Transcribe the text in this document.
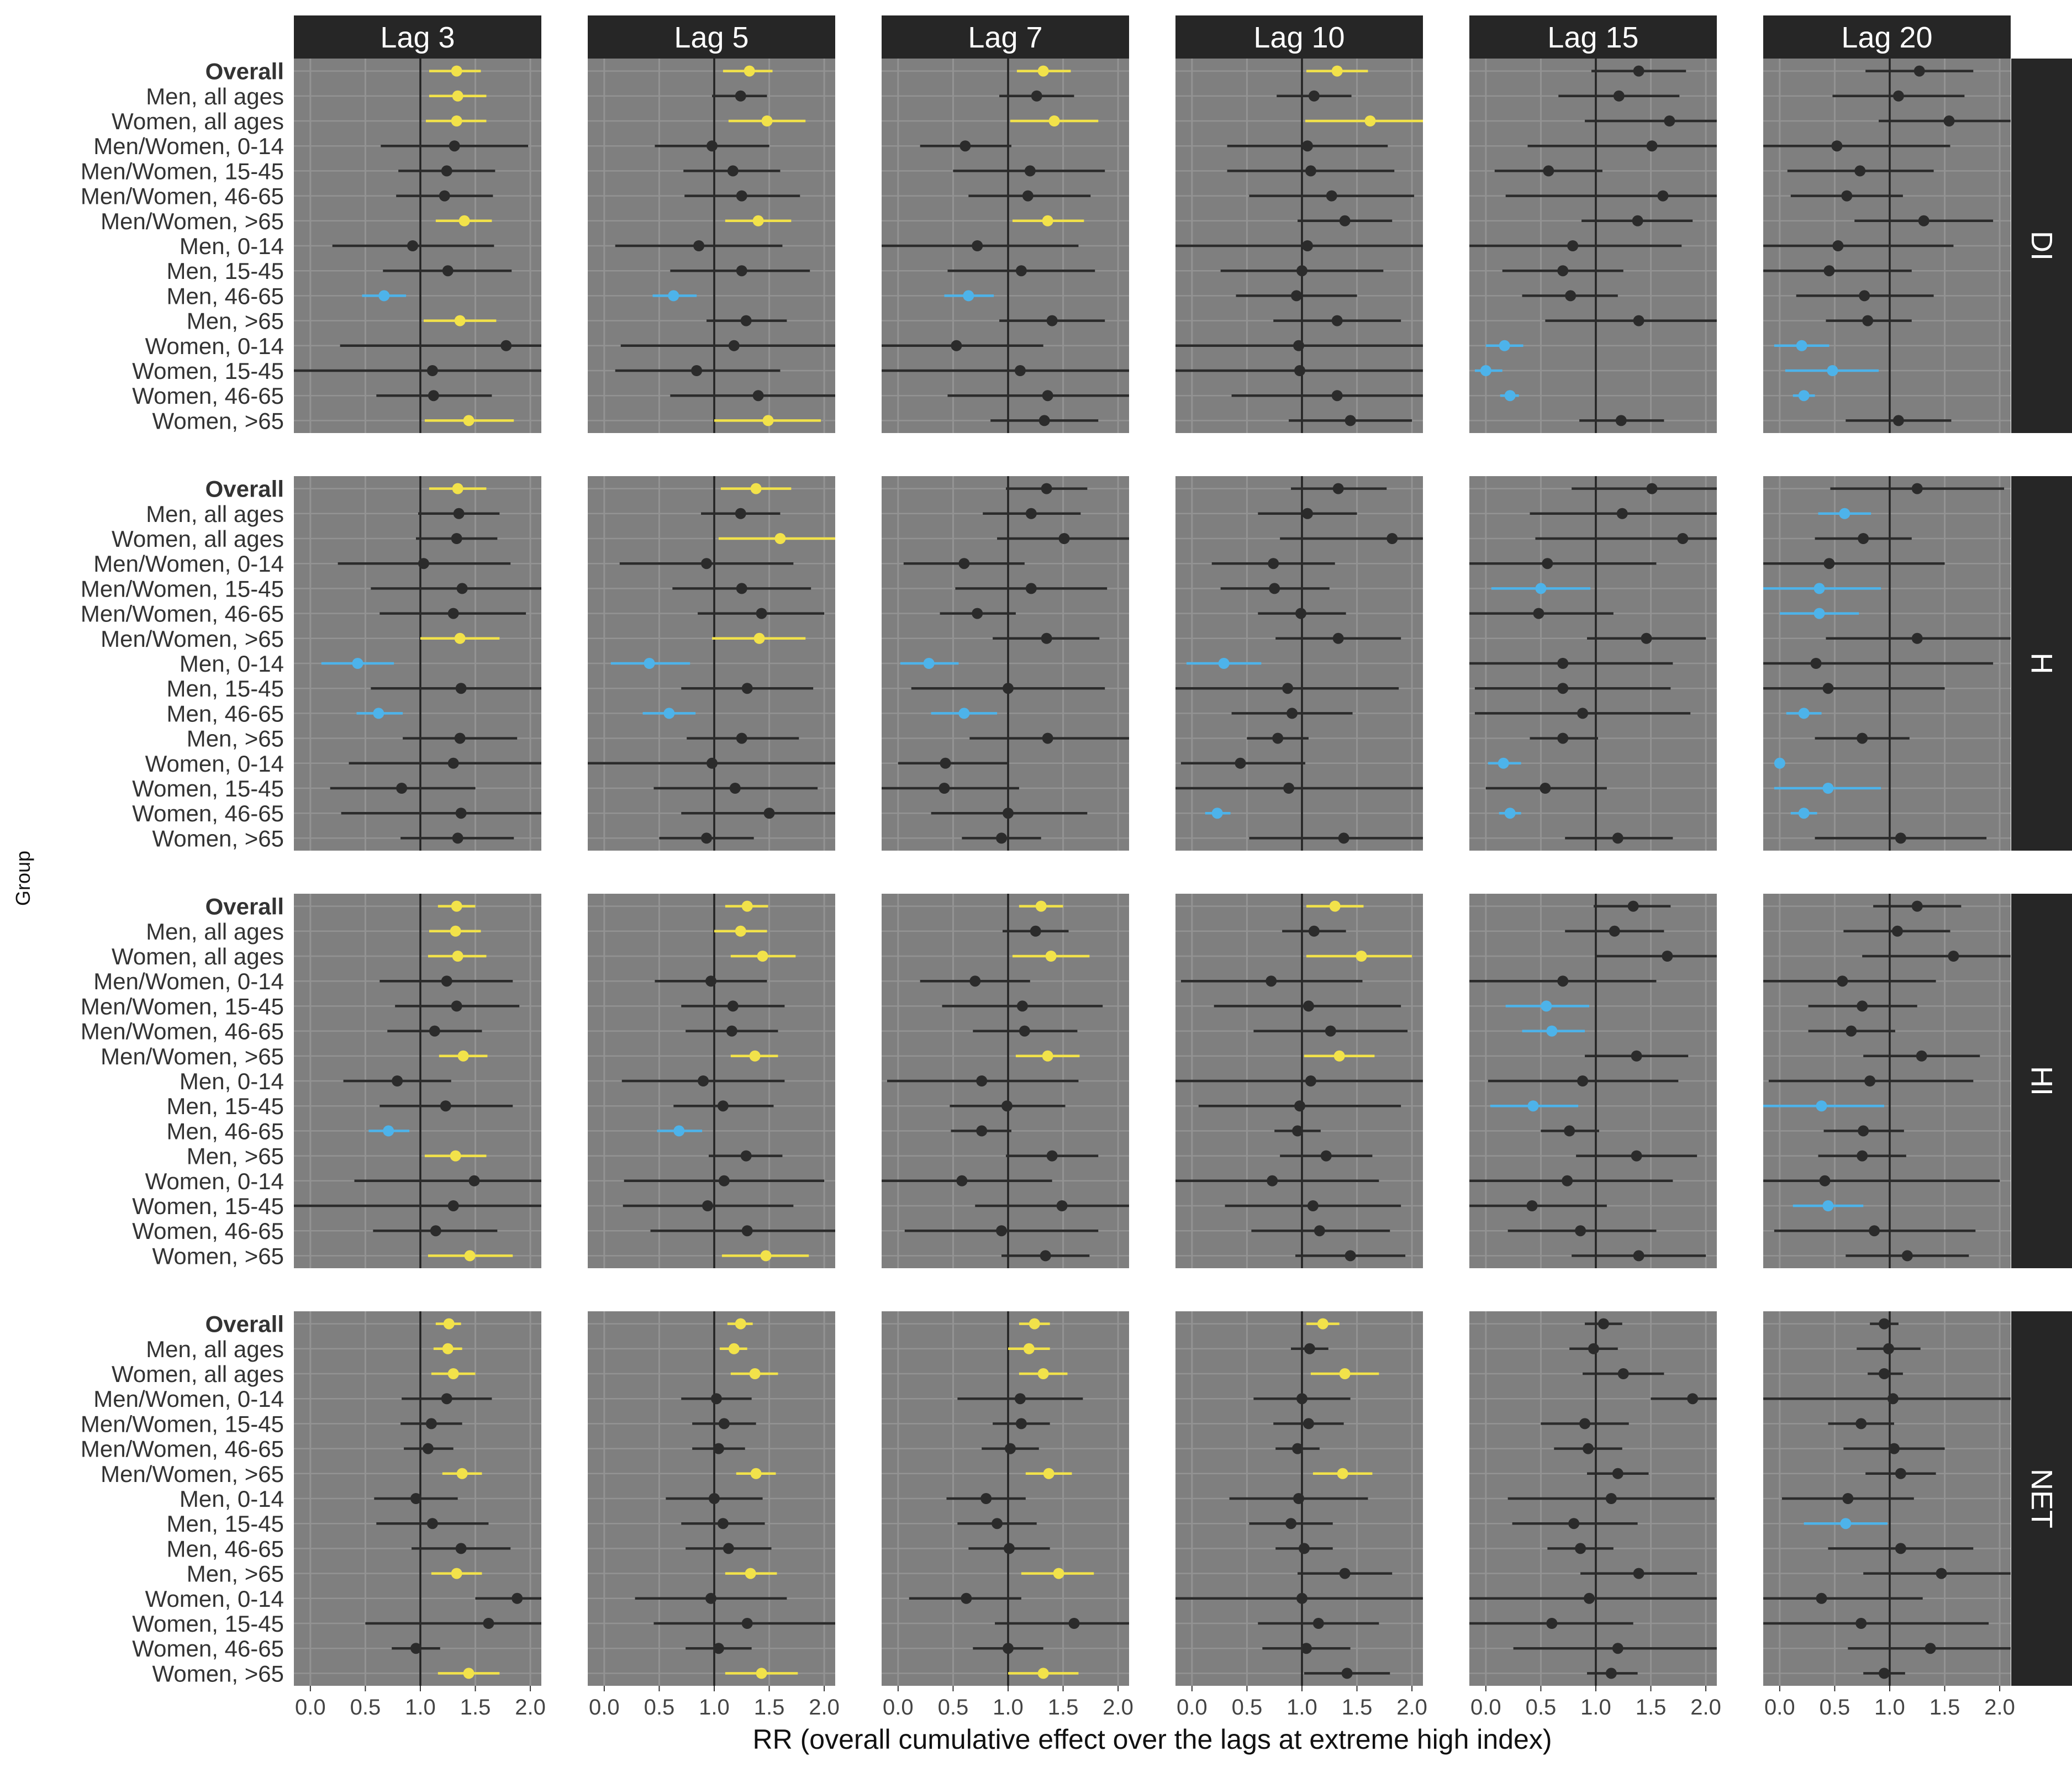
Lag 3	Lag 5	Lag 7	Lag 10	Lag 15	Lag 20
DI
H
HI
NET
Overall
Men, all ages
Women, all ages
Men/Women, 0-14
Men/Women, 15-45
Men/Women, 46-65
Men/Women, >65
Men, 0-14
Men, 15-45
Men, 46-65
Men, >65
Women, 0-14
Women, 15-45
Women, 46-65
Women, >65
Overall
Men, all ages
Women, all ages
Men/Women, 0-14
Men/Women, 15-45
Men/Women, 46-65
Men/Women, >65
Men, 0-14
Men, 15-45
Men, 46-65
Men, >65
Women, 0-14
Women, 15-45
Women, 46-65
Women, >65
Overall
Men, all ages
Women, all ages
Men/Women, 0-14
Men/Women, 15-45
Men/Women, 46-65
Men/Women, >65
Men, 0-14
Men, 15-45
Men, 46-65
Men, >65
Women, 0-14
Women, 15-45
Women, 46-65
Women, >65
Overall
Men, all ages
Women, all ages
Men/Women, 0-14
Men/Women, 15-45
Men/Women, 46-65
Men/Women, >65
Men, 0-14
Men, 15-45
Men, 46-65
Men, >65
Women, 0-14
Women, 15-45
Women, 46-65
Women, >65
0.0 0.5 1.0 1.5 2.0 0.0 0.5 1.0 1.5 2.0 0.0 0.5 1.0 1.5 2.0 0.0 0.5 1.0 1.5 2.0 0.0 0.5 1.0 1.5 2.0 0.0 0.5 1.0 1.5 2.0
RR (overall cumulative effect over the lags at extreme high index)
Group
